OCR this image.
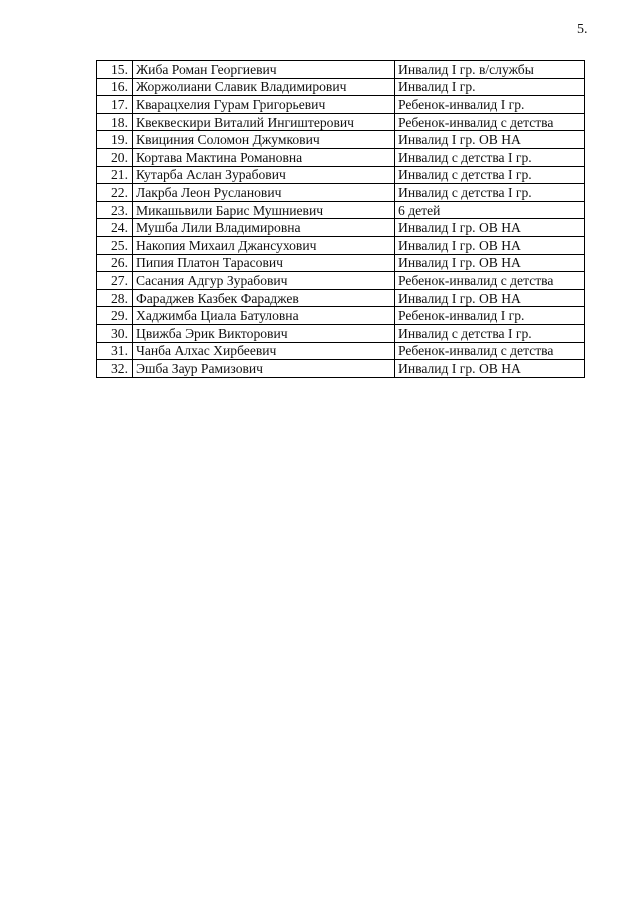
5.
15.	Жиба Роман Георгиевич	Инвалид I гр. в/службы
16.	Жоржолиани Славик Владимирович	Инвалид I гр.
17.	Кварацхелия Гурам Григорьевич	Ребенок-инвалид I гр.
18.	Квеквескири Виталий Ингиштерович	Ребенок-инвалид с детства
19.	Квициния Соломон Джумкович	Инвалид I гр. ОВ НА
20.	Кортава Мактина Романовна	Инвалид с детства I гр.
21.	Кутарба Аслан Зурабович	Инвалид с детства I гр.
22.	Лакрба Леон Русланович	Инвалид с детства I гр.
23.	Микашьвили Барис Мушниевич	6 детей
24.	Мушба Лили Владимировна	Инвалид I гр. ОВ НА
25.	Накопия Михаил Джансухович	Инвалид I гр. ОВ НА
26.	Пипия Платон Тарасович	Инвалид I гр. ОВ НА
27.	Сасания Адгур Зурабович	Ребенок-инвалид с детства
28.	Фараджев Казбек Фараджев	Инвалид I гр. ОВ НА
29.	Хаджимба Циала Батуловна	Ребенок-инвалид I гр.
30.	Цвижба Эрик Викторович	Инвалид с детства I гр.
31.	Чанба Алхас Хирбеевич	Ребенок-инвалид с детства
32.	Эшба Заур Рамизович	Инвалид I гр. ОВ НА
